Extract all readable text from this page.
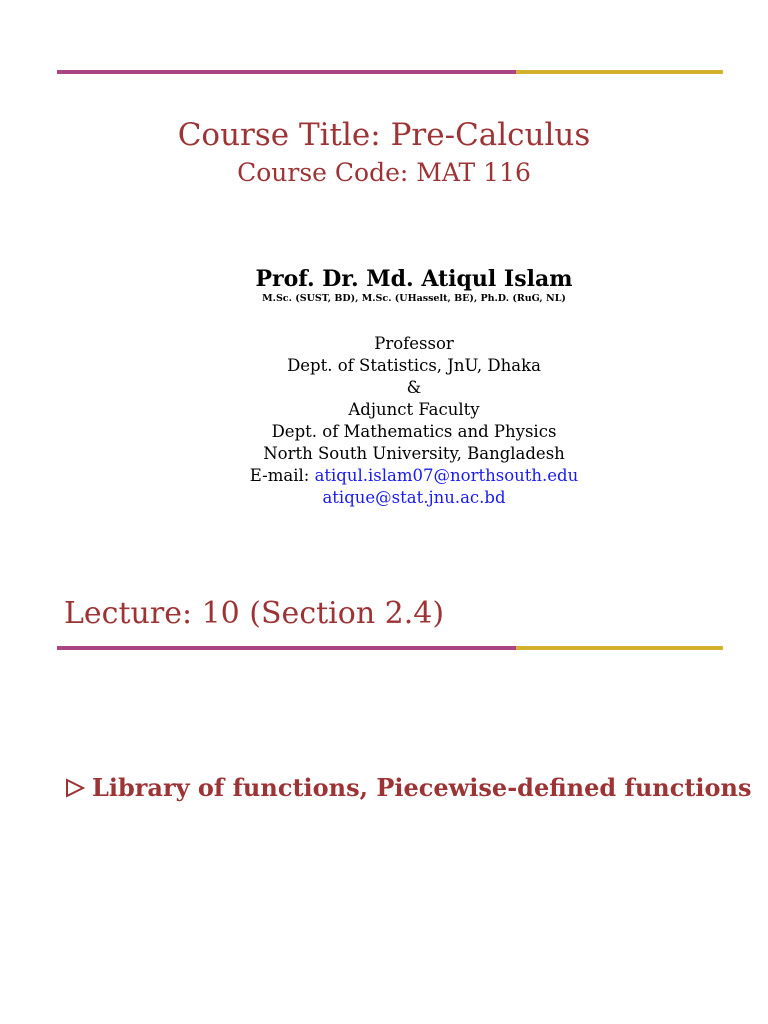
Course Title: Pre-Calculus
Course Code: MAT 116
Prof. Dr. Md. Atiqul Islam
M.Sc. (SUST, BD), M.Sc. (UHasselt, BE), Ph.D. (RuG, NL)
Professor
Dept. of Statistics, JnU, Dhaka
&
Adjunct Faculty
Dept. of Mathematics and Physics
North South University, Bangladesh
E-mail: atiqul.islam07@northsouth.edu
atique@stat.jnu.ac.bd
Lecture: 10 (Section 2.4)
Library of functions, Piecewise-defined functions
